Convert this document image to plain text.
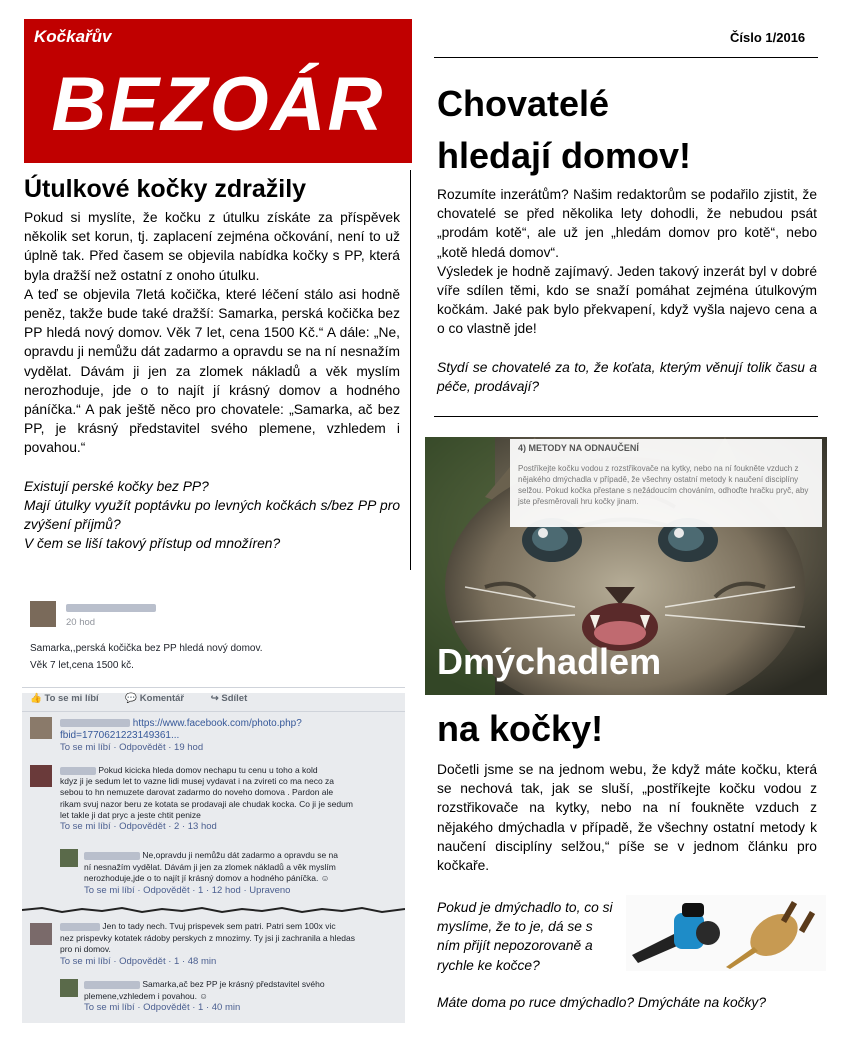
Kočkařův
BEZOÁR
Číslo 1/2016
Útulkové kočky zdražily

Pokud si myslíte, že kočku z útulku získáte za příspěvek několik set korun, tj. zaplacení zejména očkování, není to už úplně tak. Před časem se objevila nabídka kočky s PP, která byla dražší než ostatní z onoho útulku.

A teď se objevila 7letá kočička, které léčení stálo asi hodně peněz, takže bude také dražší: Samarka, perská kočička bez PP hledá nový domov. Věk 7 let, cena 1500 Kč.“ A dále: „Ne, opravdu ji nemůžu dát zadarmo a opravdu se na ní nesnažím vydělat. Dávám ji jen za zlomek nákladů a věk myslím nerozhoduje, jde o to najít jí krásný domov a hodného páníčka.“ A pak ještě něco pro chovatele: „Samarka, ač bez PP, je krásný představitel svého plemene, vzhledem i povahou.“

Existují perské kočky bez PP?

Mají útulky využít poptávku po levných kočkách s/bez PP pro zvýšení příjmů?

V čem se liší takový přístup od množíren?

Chovatelé
hledají domov!

Rozumíte inzerátům? Našim redaktorům se podařilo zjistit, že chovatelé se před několika lety dohodli, že nebudou psát „prodám kotě“, ale už jen „hledám domov pro kotě“, nebo „kotě hledá domov“.

Výsledek je hodně zajímavý. Jeden takový inzerát byl v dobré víře sdílen těmi, kdo se snaží pomáhat zejména útulkovým kočkám. Jaké pak bylo překvapení, když vyšla najevo cena a o co vlastně jde!

Stydí se chovatelé za to, že koťata, kterým věnují tolik času a péče, prodávají?

4) METODY NA ODNAUČENÍ
Postříkejte kočku vodou z rozstřikovače na kytky, nebo na ní foukněte vzduch z nějakého dmýchadla v případě, že všechny ostatní metody k naučení disciplíny selžou. Pokud kočka přestane s nežádoucím chováním, odhoďte hračku pryč, aby jste přesměrovali hru kočky jinam.
Dmýchadlem
na kočky!
Dočetli jsme se na jednom webu, že když máte kočku, která se nechová tak, jak se sluší, „postříkejte kočku vodou z rozstřikovače na kytky, nebo na ní foukněte vzduch z nějakého dmýchadla v případě, že všechny ostatní metody k naučení disciplíny selžou,“ píše se v jednom článku pro kočkaře.
Pokud je dmýchadlo to, co si myslíme, že to je, dá se s ním přijít nepozorovaně a rychle ke kočce?
Máte doma po ruce dmýchadlo? Dmýcháte na kočky?
20 hod
Samarka,,perská kočička bez PP hledá nový domov.
Věk 7 let,cena 1500 kč.
👍 To se mi líbí	💬 Komentář	↪ Sdílet
https://www.facebook.com/photo.php?
fbid=1770621223149361...
To se mi líbí · Odpovědět · 19 hod
Pokud kicicka hleda domov nechapu tu cenu u toho a kold
kdyz ji je sedum let to vazne lidi musej vydavat i na zvireti co ma neco za
sebou to hn nemuzete darovat zadarmo do noveho domova . Pardon ale
rikam svuj nazor beru ze kotata se prodavaji ale chudak kocka. Co ji je sedum
let takle ji dat pryc a jeste chtit penize
To se mi líbí · Odpovědět · 2 · 13 hod
Ne,opravdu ji nemůžu dát zadarmo a opravdu se na
ní nesnažím vydělat. Dávám ji jen za zlomek nákladů a věk myslím
nerozhoduje,jde o to najít jí krásný domov a hodného páníčka. ☺
To se mi líbí · Odpovědět · 1 · 12 hod · Upraveno
Jen to tady nech. Tvuj prispevek sem patri. Patri sem 100x vic
nez prispevky kotatek rádoby perskych z mnozirny. Ty jsi ji zachranila a hledas
pro ni domov.
To se mi líbí · Odpovědět · 1 · 48 min
Samarka,ač bez PP je krásný představitel svého
plemene,vzhledem i povahou. ☺
To se mi líbí · Odpovědět · 1 · 40 min
